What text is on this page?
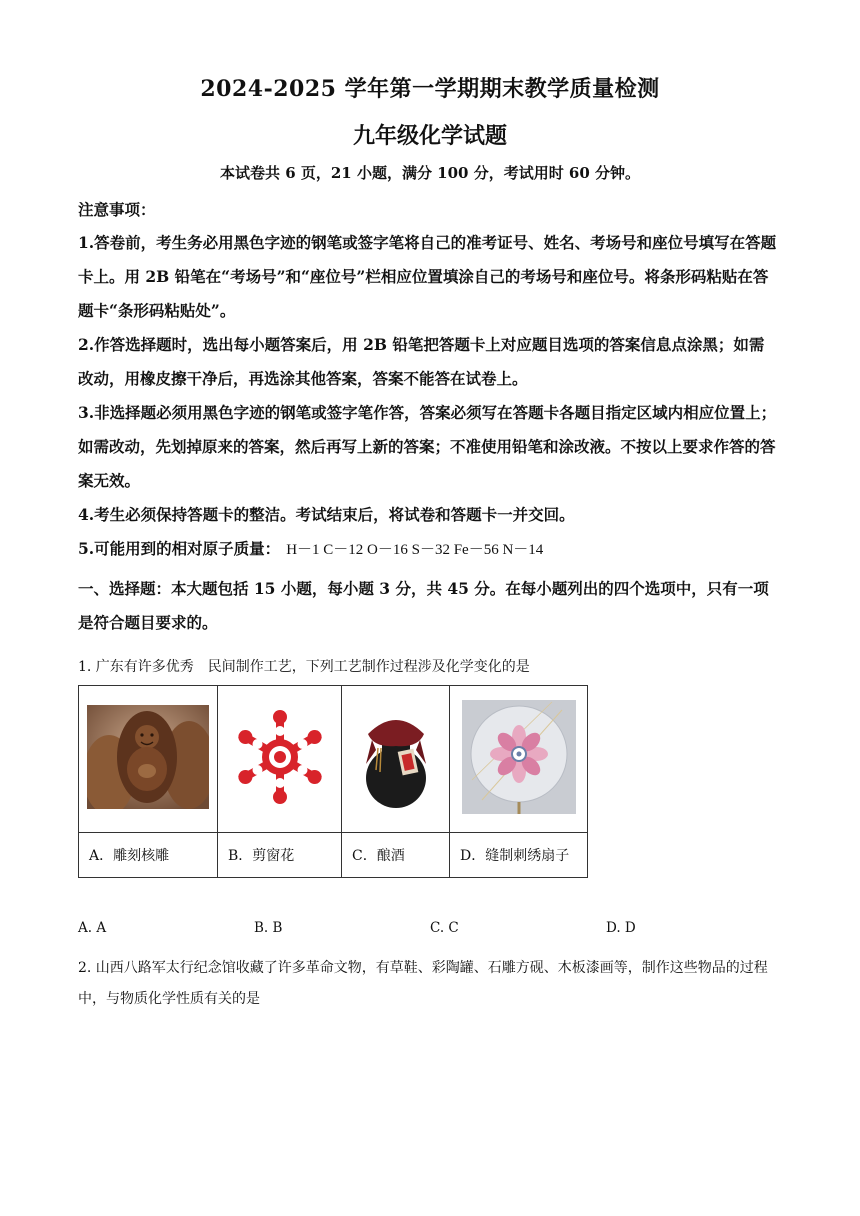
2024-2025 学年第一学期期末教学质量检测
九年级化学试题
本试卷共 6 页，21 小题，满分 100 分，考试用时 60 分钟。
注意事项：

1.答卷前，考生务必用黑色字迹的钢笔或签字笔将自己的准考证号、姓名、考场号和座位号填写在答题卡上。用 2B 铅笔在“考场号”和“座位号”栏相应位置填涂自己的考场号和座位号。将条形码粘贴在答题卡“条形码粘贴处”。

2.作答选择题时，选出每小题答案后，用 2B 铅笔把答题卡上对应题目选项的答案信息点涂黑；如需改动，用橡皮擦干净后，再选涂其他答案，答案不能答在试卷上。

3.非选择题必须用黑色字迹的钢笔或签字笔作答，答案必须写在答题卡各题目指定区域内相应位置上；如需改动，先划掉原来的答案，然后再写上新的答案；不准使用铅笔和涂改液。不按以上要求作答的答案无效。

4.考生必须保持答题卡的整洁。考试结束后，将试卷和答题卡一并交回。

5.可能用到的相对原子质量： H－1 C－12 O－16 S－32 Fe－56 N－14

一、选择题：本大题包括 15 小题，每小题 3 分，共 45 分。在每小题列出的四个选项中，只有一项是符合题目要求的。
1. 广东有许多优秀　民间制作工艺，下列工艺制作过程涉及化学变化的是

A．雕刻核雕	B．剪窗花	C．酿酒	D．缝制刺绣扇子
A. A	B. B	C. C	D. D
2. 山西八路军太行纪念馆收藏了许多革命文物，有草鞋、彩陶罐、石雕方砚、木板漆画等，制作这些物品的过程中，与物质化学性质有关的是
